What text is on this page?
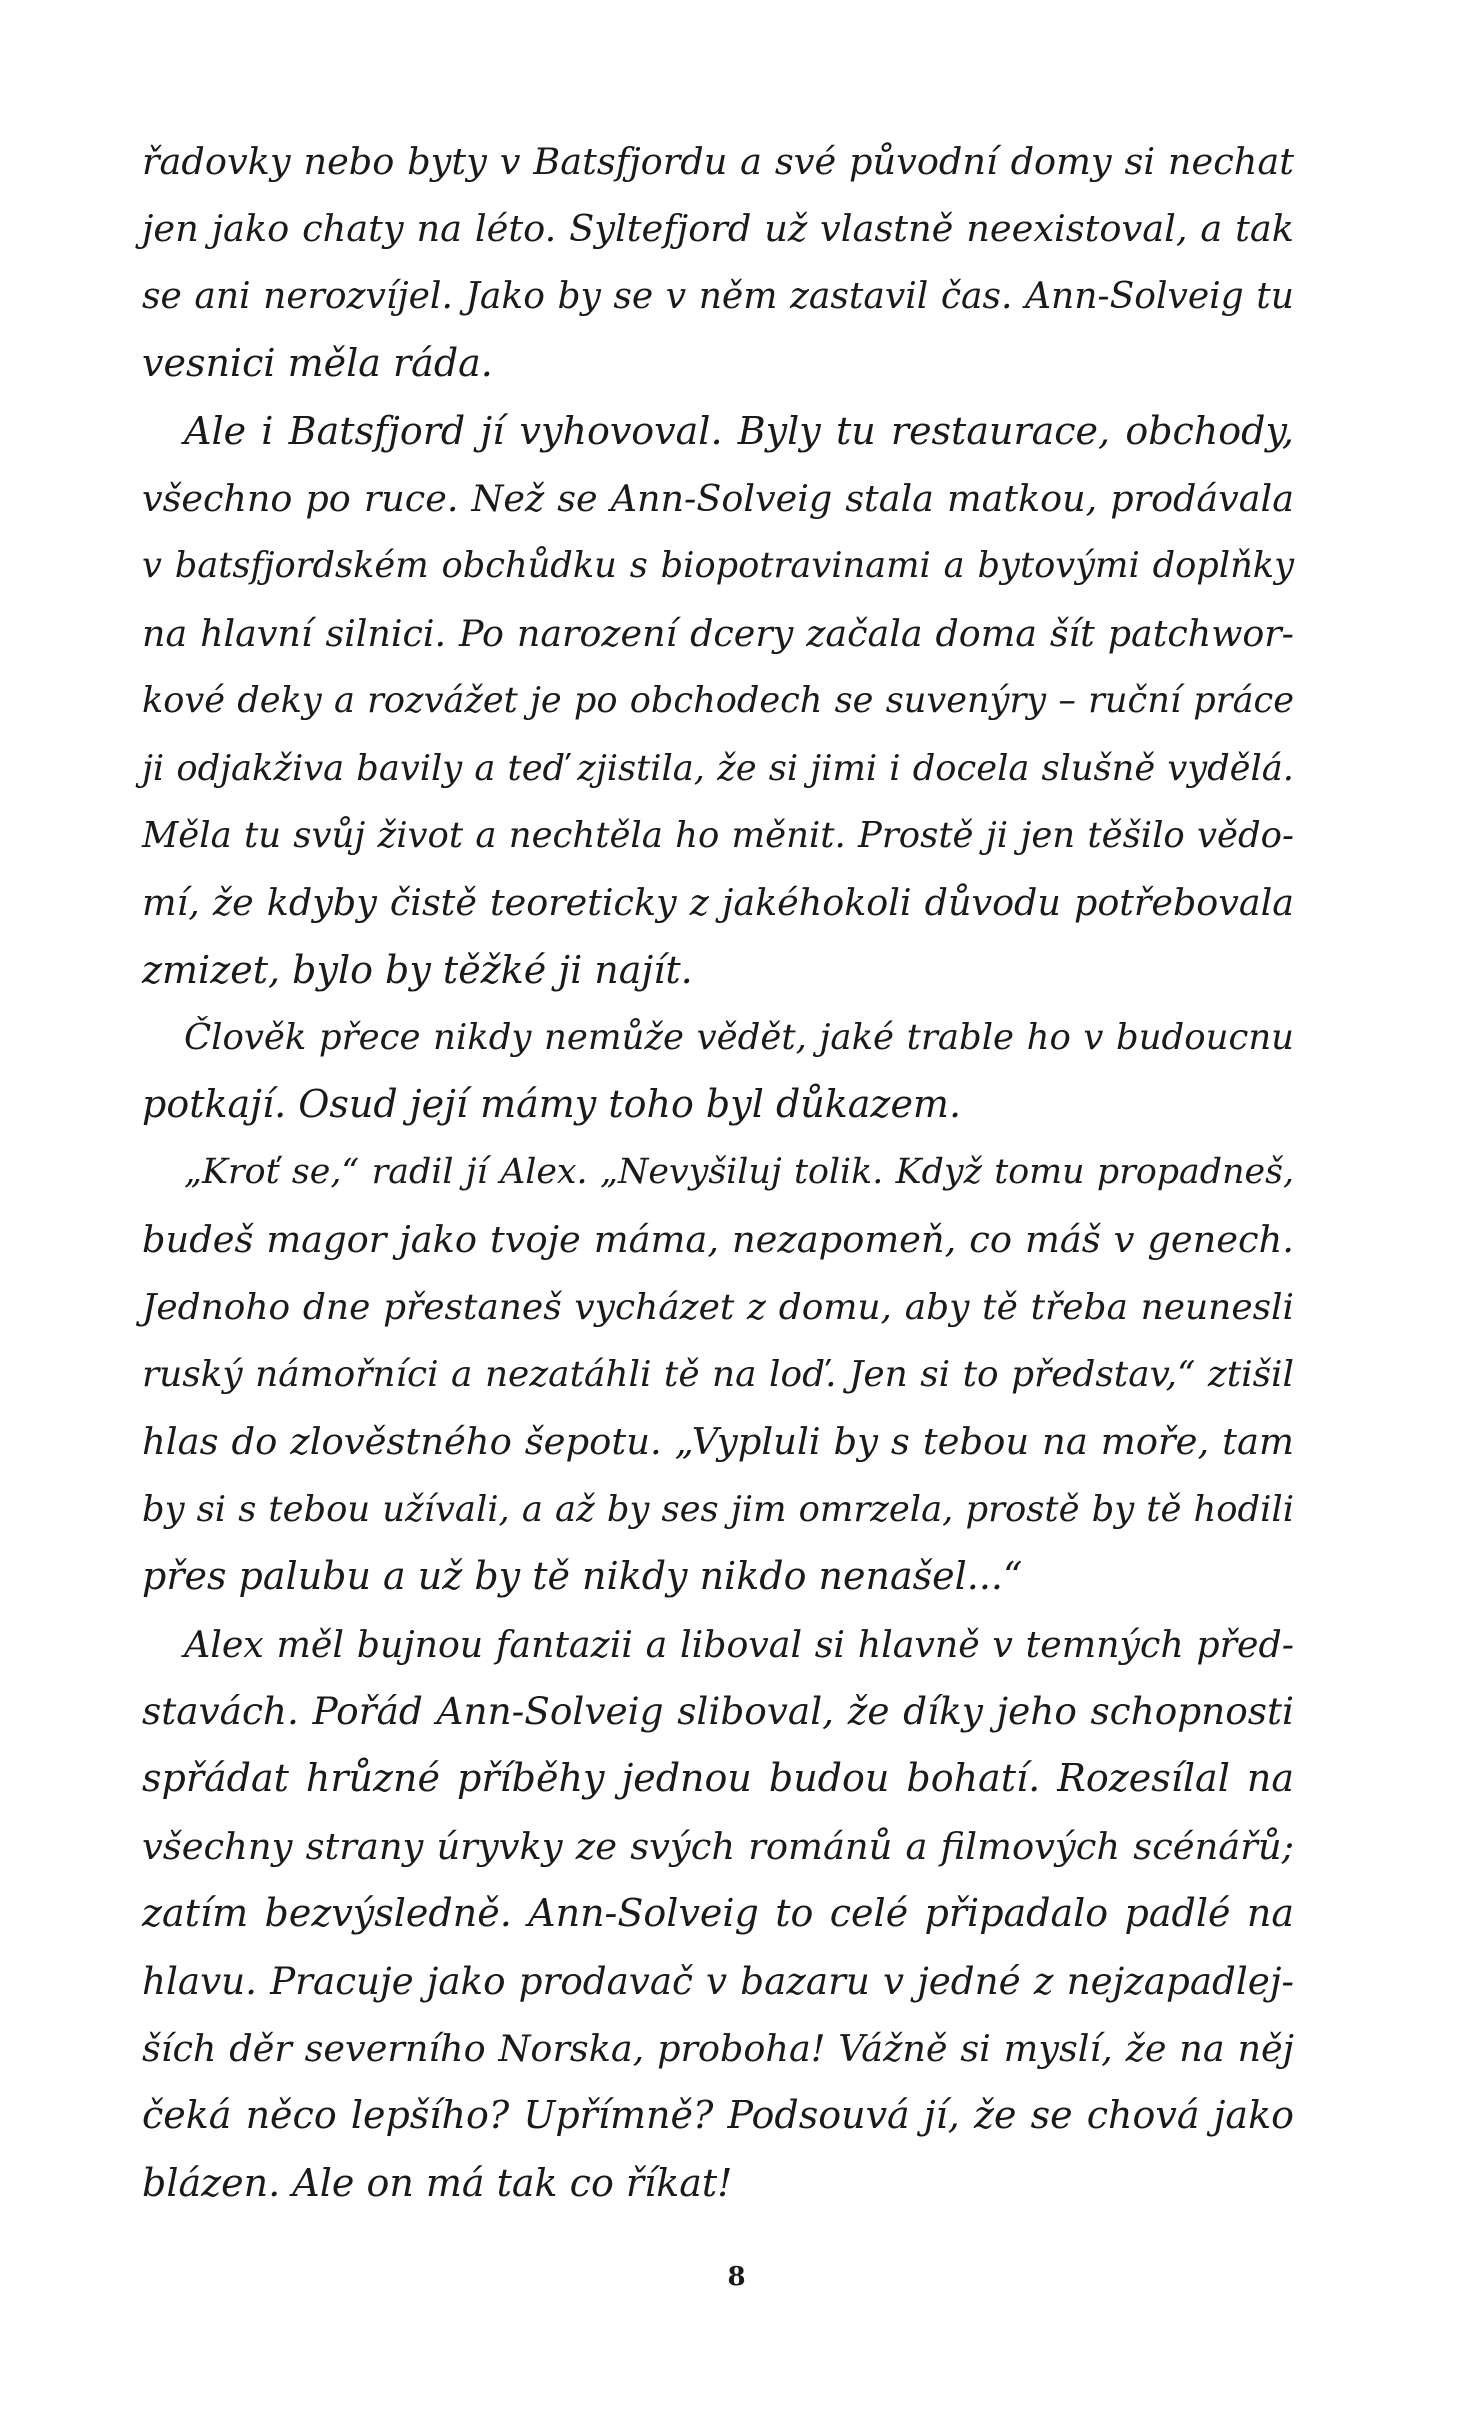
řadovky nebo byty v Batsfjordu a své původní domy si nechat
jen jako chaty na léto. Syltefjord už vlastně neexistoval, a tak
se ani nerozvíjel. Jako by se v něm zastavil čas. Ann-Solveig tu
vesnici měla ráda.
Ale i Batsfjord jí vyhovoval. Byly tu restaurace, obchody,
všechno po ruce. Než se Ann-Solveig stala matkou, prodávala
v batsfjordském obchůdku s biopotravinami a bytovými doplňky
na hlavní silnici. Po narození dcery začala doma šít patchwor-
kové deky a rozvážet je po obchodech se suvenýry – ruční práce
ji odjakživa bavily a teď zjistila, že si jimi i docela slušně vydělá.
Měla tu svůj život a nechtěla ho měnit. Prostě ji jen těšilo vědo-
mí, že kdyby čistě teoreticky z jakéhokoli důvodu potřebovala
zmizet, bylo by těžké ji najít.
Člověk přece nikdy nemůže vědět, jaké trable ho v budoucnu
potkají. Osud její mámy toho byl důkazem.
„Kroť se,“ radil jí Alex. „Nevyšiluj tolik. Když tomu propadneš,
budeš magor jako tvoje máma, nezapomeň, co máš v genech.
Jednoho dne přestaneš vycházet z domu, aby tě třeba neunesli
ruský námořníci a nezatáhli tě na loď. Jen si to představ,“ ztišil
hlas do zlověstného šepotu. „Vypluli by s tebou na moře, tam
by si s tebou užívali, a až by ses jim omrzela, prostě by tě hodili
přes palubu a už by tě nikdy nikdo nenašel...“
Alex měl bujnou fantazii a liboval si hlavně v temných před-
stavách. Pořád Ann-Solveig sliboval, že díky jeho schopnosti
spřádat hrůzné příběhy jednou budou bohatí. Rozesílal na
všechny strany úryvky ze svých románů a filmových scénářů;
zatím bezvýsledně. Ann-Solveig to celé připadalo padlé na
hlavu. Pracuje jako prodavač v bazaru v jedné z nejzapadlej-
ších děr severního Norska, proboha! Vážně si myslí, že na něj
čeká něco lepšího? Upřímně? Podsouvá jí, že se chová jako
blázen. Ale on má tak co říkat!
8
